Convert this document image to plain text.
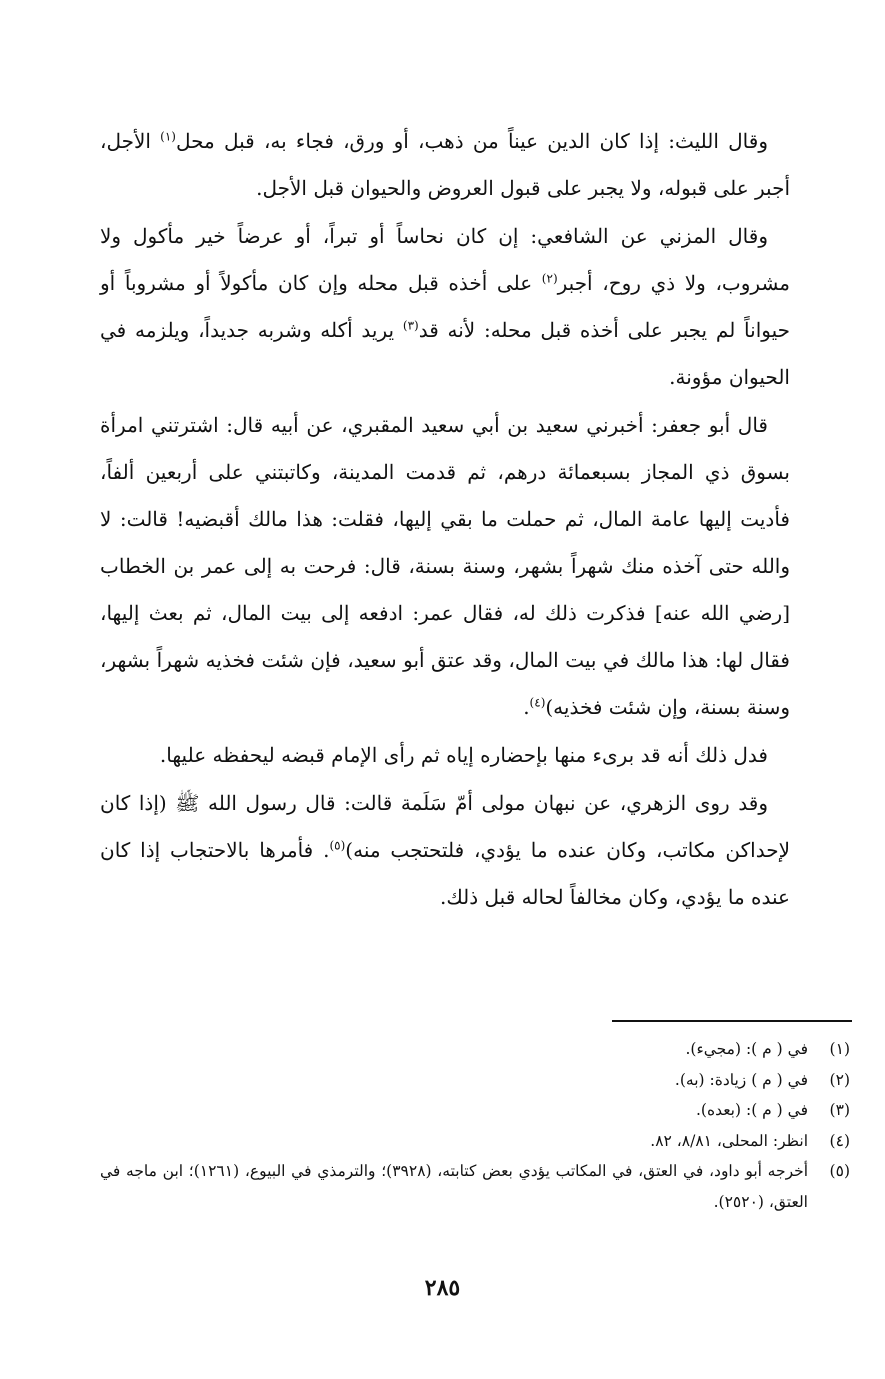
وقال الليث: إذا كان الدين عيناً من ذهب، أو ورق، فجاء به، قبل محل$^{(١)}$ الأجل، أجبر على قبوله، ولا يجبر على قبول العروض والحيوان قبل الأجل.

وقال المزني عن الشافعي: إن كان نحاساً أو تبراً، أو عرضاً خير مأكول ولا مشروب، ولا ذي روح، أجبر$^{(٢)}$ على أخذه قبل محله وإن كان مأكولاً أو مشروباً أو حيواناً لم يجبر على أخذه قبل محله: لأنه قد$^{(٣)}$ يريد أكله وشربه جديداً، ويلزمه في الحيوان مؤونة.

قال أبو جعفر: أخبرني سعيد بن أبي سعيد المقبري، عن أبيه قال: اشترتني امرأة بسوق ذي المجاز بسبعمائة درهم، ثم قدمت المدينة، وكاتبتني على أربعين ألفاً، فأديت إليها عامة المال، ثم حملت ما بقي إليها، فقلت: هذا مالك أقبضيه! قالت: لا والله حتى آخذه منك شهراً بشهر، وسنة بسنة، قال: فرحت به إلى عمر بن الخطاب [رضي الله عنه] فذكرت ذلك له، فقال عمر: ادفعه إلى بيت المال، ثم بعث إليها، فقال لها: هذا مالك في بيت المال، وقد عتق أبو سعيد، فإن شئت فخذيه شهراً بشهر، وسنة بسنة، وإن شئت فخذيه)$^{(٤)}$.

فدل ذلك أنه قد برىء منها بإحضاره إياه ثم رأى الإمام قبضه ليحفظه عليها.

وقد روى الزهري، عن نبهان مولى أمّ سَلَمة قالت: قال رسول الله ﷺ (إذا كان لإحداكن مكاتب، وكان عنده ما يؤدي، فلتحتجب منه)$^{(٥)}$. فأمرها بالاحتجاب إذا كان عنده ما يؤدي، وكان مخالفاً لحاله قبل ذلك.

(١)
في ( م ): (مجيء).
(٢)
في ( م ) زيادة: (به).
(٣)
في ( م ): (بعده).
(٤)
انظر: المحلى، ٨/٨١، ٨٢.
(٥)
أخرجه أبو داود، في العتق، في المكاتب يؤدي بعض كتابته، (٣٩٢٨)؛ والترمذي في البيوع، (١٢٦١)؛ ابن ماجه في العتق، (٢٥٢٠).
٢٨٥
